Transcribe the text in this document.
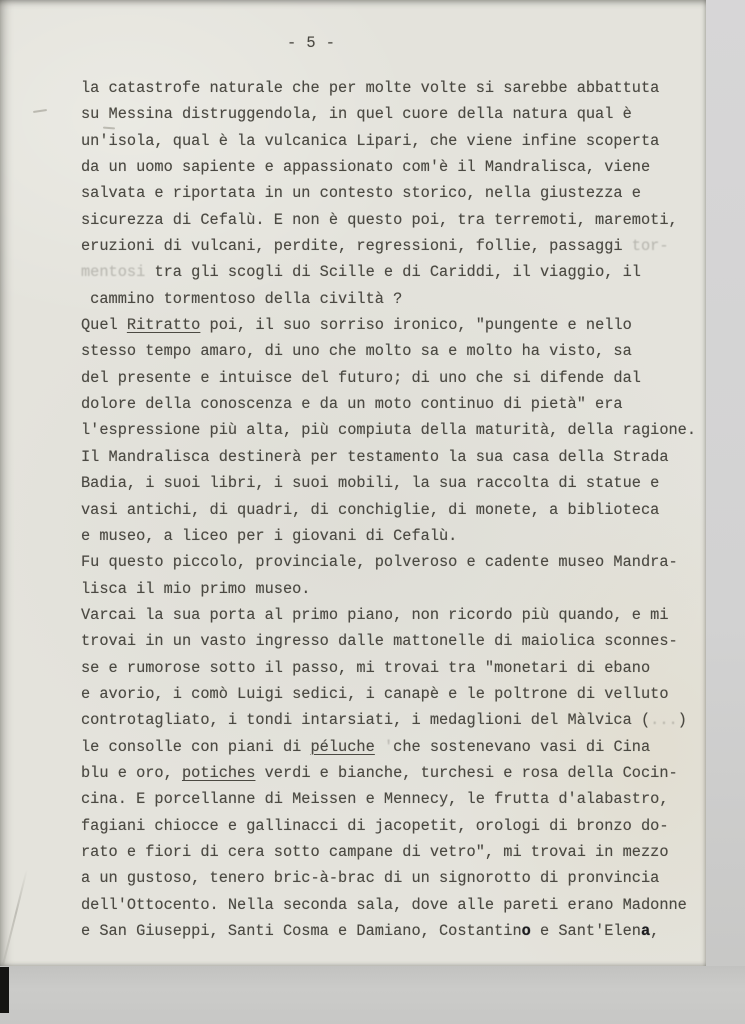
- 5 -
la catastrofe naturale che per molte volte si sarebbe abbattuta
su Messina distruggendola, in quel cuore della natura qual è
un'isola, qual è la vulcanica Lipari, che viene infine scoperta
da un uomo sapiente e appassionato com'è il Mandralisca, viene
salvata e riportata in un contesto storico, nella giustezza e
sicurezza di Cefalù. E non è questo poi, tra terremoti, maremoti,
eruzioni di vulcani, perdite, regressioni, follie, passaggi tor-
mentosi tra gli scogli di Scille e di Cariddi, il viaggio, il
cammino tormentoso della civiltà ?
Quel Ritratto poi, il suo sorriso ironico, "pungente e nello
stesso tempo amaro, di uno che molto sa e molto ha visto, sa
del presente e intuisce del futuro; di uno che si difende dal
dolore della conoscenza e da un moto continuo di pietà" era
l'espressione più alta, più compiuta della maturità, della ragione.
Il Mandralisca destinerà per testamento la sua casa della Strada
Badia, i suoi libri, i suoi mobili, la sua raccolta di statue e
vasi antichi, di quadri, di conchiglie, di monete, a biblioteca
e museo, a liceo per i giovani di Cefalù.
Fu questo piccolo, provinciale, polveroso e cadente museo Mandra-
lisca il mio primo museo.
Varcai la sua porta al primo piano, non ricordo più quando, e mi
trovai in un vasto ingresso dalle mattonelle di maiolica sconnes-
se e rumorose sotto il passo, mi trovai tra "monetari di ebano
e avorio, i comò Luigi sedici, i canapè e le poltrone di velluto
controtagliato, i tondi intarsiati, i medaglioni del Màlvica (...)
le consolle con piani di péluche 'che sostenevano vasi di Cina
blu e oro, potiches verdi e bianche, turchesi e rosa della Cocin-
cina. E porcellanne di Meissen e Mennecy, le frutta d'alabastro,
fagiani chiocce e gallinacci di jacopetit, orologi di bronzo do-
rato e fiori di cera sotto campane di vetro", mi trovai in mezzo
a un gustoso, tenero bric-à-brac di un signorotto di pronvincia
dell'Ottocento. Nella seconda sala, dove alle pareti erano Madonne
e San Giuseppi, Santi Cosma e Damiano, Costantino e Sant'Elena,
